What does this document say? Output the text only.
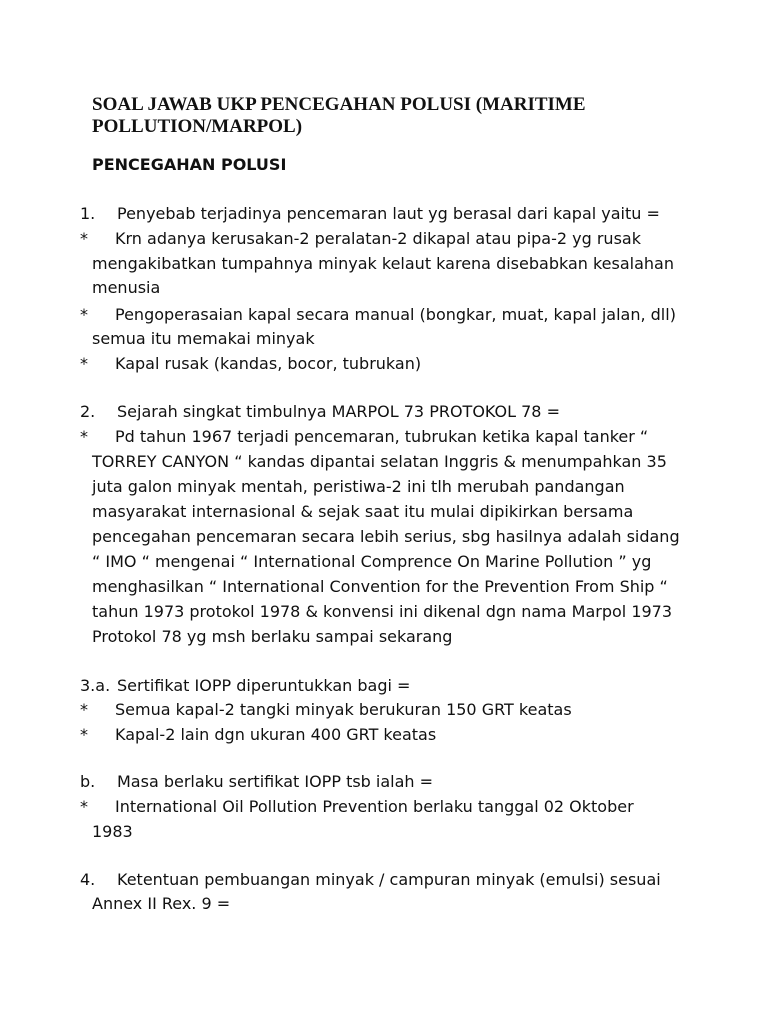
SOAL JAWAB UKP PENCEGAHAN POLUSI (MARITIME
POLLUTION/MARPOL)
PENCEGAHAN POLUSI
1. Penyebab terjadinya pencemaran laut yg berasal dari kapal yaitu =
* Krn adanya kerusakan-2 peralatan-2 dikapal atau pipa-2 yg rusak
mengakibatkan tumpahnya minyak kelaut karena disebabkan kesalahan
menusia
* Pengoperasaian kapal secara manual (bongkar, muat, kapal jalan, dll)
semua itu memakai minyak
* Kapal rusak (kandas, bocor, tubrukan)
2. Sejarah singkat timbulnya MARPOL 73 PROTOKOL 78 =
* Pd tahun 1967 terjadi pencemaran, tubrukan ketika kapal tanker “
TORREY CANYON “ kandas dipantai selatan Inggris & menumpahkan 35
juta galon minyak mentah, peristiwa-2 ini tlh merubah pandangan
masyarakat internasional & sejak saat itu mulai dipikirkan bersama
pencegahan pencemaran secara lebih serius, sbg hasilnya adalah sidang
“ IMO “ mengenai “ International Comprence On Marine Pollution ” yg
menghasilkan “ International Convention for the Prevention From Ship “
tahun 1973 protokol 1978 & konvensi ini dikenal dgn nama Marpol 1973
Protokol 78 yg msh berlaku sampai sekarang
3.a. Sertifikat IOPP diperuntukkan bagi =
* Semua kapal-2 tangki minyak berukuran 150 GRT keatas
* Kapal-2 lain dgn ukuran 400 GRT keatas
b. Masa berlaku sertifikat IOPP tsb ialah =
* International Oil Pollution Prevention berlaku tanggal 02 Oktober
1983
4. Ketentuan pembuangan minyak / campuran minyak (emulsi) sesuai
Annex II Rex. 9 =
